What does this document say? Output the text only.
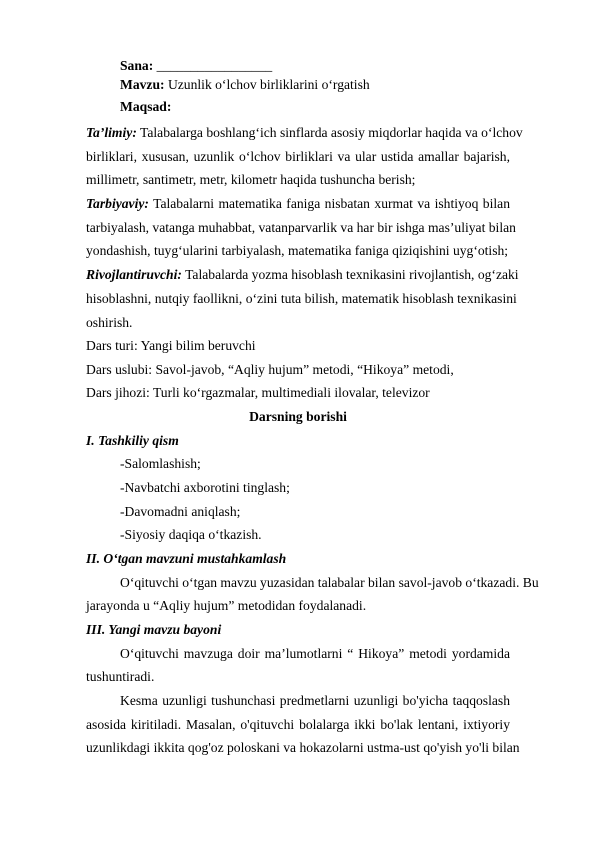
Sana: _________________
Mavzu: Uzunlik o‘lchov birliklarini o‘rgatish
Maqsad:
Ta’limiy: Talabalarga boshlang‘ich sinflarda asosiy miqdorlar haqida va o‘lchov
birliklari, xususan, uzunlik o‘lchov birliklari va ular ustida amallar bajarish,
millimetr, santimetr, metr, kilometr haqida tushuncha berish;
Tarbiyaviy: Talabalarni matematika faniga nisbatan xurmat va ishtiyoq bilan
tarbiyalash, vatanga muhabbat, vatanparvarlik va har bir ishga mas’uliyat bilan
yondashish, tuyg‘ularini tarbiyalash, matematika faniga qiziqishini uyg‘otish;
Rivojlantiruvchi: Talabalarda yozma hisoblash texnikasini rivojlantish, og‘zaki
hisoblashni, nutqiy faollikni, o‘zini tuta bilish, matematik hisoblash texnikasini
oshirish.
Dars turi: Yangi bilim beruvchi
Dars uslubi: Savol-javob, “Aqliy hujum” metodi, “Hikoya” metodi,
Dars jihozi: Turli ko‘rgazmalar, multimediali ilovalar, televizor
Darsning borishi
I. Tashkiliy qism
-Salomlashish;
-Navbatchi axborotini tinglash;
-Davomadni aniqlash;
-Siyosiy daqiqa o‘tkazish.
II. O‘tgan mavzuni mustahkamlash
O‘qituvchi o‘tgan mavzu yuzasidan talabalar bilan savol-javob o‘tkazadi. Bu
jarayonda u “Aqliy hujum” metodidan foydalanadi.
III. Yangi mavzu bayoni
O‘qituvchi mavzuga doir ma’lumotlarni “ Hikoya” metodi yordamida
tushuntiradi.
Kesma uzunligi tushunchasi predmetlarni uzunligi bo'yicha taqqoslash
asosida kiritiladi. Masalan, o'qituvchi bolalarga ikki bo'lak lentani, ixtiyoriy
uzunlikdagi ikkita qog'oz poloskani va hokazolarni ustma-ust qo'yish yo'li bilan
